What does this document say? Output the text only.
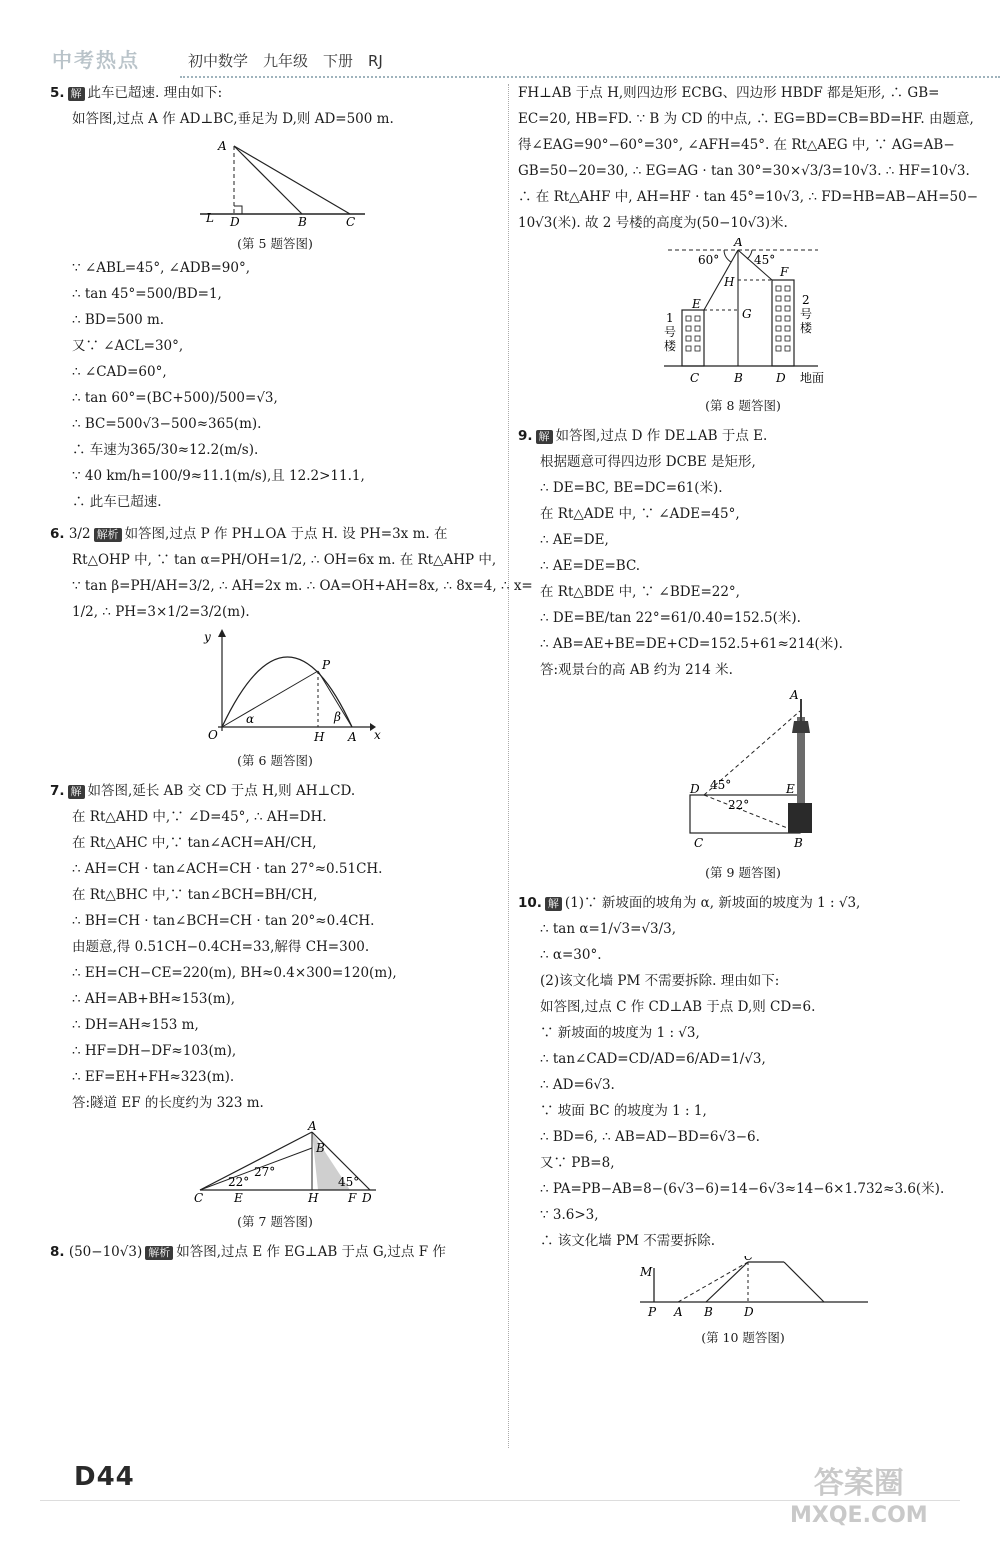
中考热点	初中数学　九年级　下册　RJ
5. 解 此车已超速. 理由如下:
如答图,过点 A 作 AD⊥BC,垂足为 D,则 AD=500 m.
A
L D	B	C
(第 5 题答图)
∵ ∠ABL=45°, ∠ADB=90°,
∴ tan 45°=500/BD=1,
∴ BD=500 m.
又∵ ∠ACL=30°,
∴ ∠CAD=60°,
∴ tan 60°=(BC+500)/500=√3,
∴ BC=500√3−500≈365(m).
∴ 车速为365/30≈12.2(m/s).
∵ 40 km/h=100/9≈11.1(m/s),且 12.2>11.1,
∴ 此车已超速.
6. 3/2 解析 如答图,过点 P 作 PH⊥OA 于点 H. 设 PH=3x m. 在
Rt△OHP 中, ∵ tan α=PH/OH=1/2, ∴ OH=6x m. 在 Rt△AHP 中,
∵ tan β=PH/AH=3/2, ∴ AH=2x m. ∴ OA=OH+AH=8x, ∴ 8x=4, ∴ x=
1/2, ∴ PH=3×1/2=3/2(m).
y
x
O	H A
P
α	β
(第 6 题答图)
7. 解 如答图,延长 AB 交 CD 于点 H,则 AH⊥CD.
在 Rt△AHD 中,∵ ∠D=45°, ∴ AH=DH.
在 Rt△AHC 中,∵ tan∠ACH=AH/CH,
∴ AH=CH · tan∠ACH=CH · tan 27°≈0.51CH.
在 Rt△BHC 中,∵ tan∠BCH=BH/CH,
∴ BH=CH · tan∠BCH=CH · tan 20°≈0.4CH.
由题意,得 0.51CH−0.4CH=33,解得 CH=300.
∴ EH=CH−CE=220(m), BH≈0.4×300=120(m),
∴ AH=AB+BH≈153(m),
∴ DH=AH≈153 m,
∴ HF=DH−DF≈103(m),
∴ EF=EH+FH≈323(m).
答:隧道 EF 的长度约为 323 m.
A
B
C	E	H F D
22°
27°
45°
(第 7 题答图)
8. (50−10√3) 解析 如答图,过点 E 作 EG⊥AB 于点 G,过点 F 作
FH⊥AB 于点 H,则四边形 ECBG、四边形 HBDF 都是矩形, ∴ GB=
EC=20, HB=FD. ∵ B 为 CD 的中点, ∴ EG=BD=CB=BD=HF. 由题意,
得∠EAG=90°−60°=30°, ∠AFH=45°. 在 Rt△AEG 中, ∵ AG=AB−
GB=50−20=30, ∴ EG=AG · tan 30°=30×√3/3=10√3. ∴ HF=10√3.
∴ 在 Rt△AHF 中, AH=HF · tan 45°=10√3, ∴ FD=HB=AB−AH=50−
10√3(米). 故 2 号楼的高度为(50−10√3)米.
A
60°	45°
H
F
E
G
C	B	D 地面
1
号
楼
2
号
楼
(第 8 题答图)
9. 解 如答图,过点 D 作 DE⊥AB 于点 E.
根据题意可得四边形 DCBE 是矩形,
∴ DE=BC, BE=DC=61(米).
在 Rt△ADE 中, ∵ ∠ADE=45°,
∴ AE=DE,
∴ AE=DE=BC.
在 Rt△BDE 中, ∵ ∠BDE=22°,
∴ DE=BE/tan 22°=61/0.40=152.5(米).
∴ AB=AE+BE=DE+CD=152.5+61≈214(米).
答:观景台的高 AB 约为 214 米.
A
D	E
C	B
45°
22°
(第 9 题答图)
10. 解 (1)∵ 新坡面的坡角为 α, 新坡面的坡度为 1 : √3,
∴ tan α=1/√3=√3/3,
∴ α=30°.
(2)该文化墙 PM 不需要拆除. 理由如下:
如答图,过点 C 作 CD⊥AB 于点 D,则 CD=6.
∵ 新坡面的坡度为 1 : √3,
∴ tan∠CAD=CD/AD=6/AD=1/√3,
∴ AD=6√3.
∵ 坡面 BC 的坡度为 1 : 1,
∴ BD=6, ∴ AB=AD−BD=6√3−6.
又∵ PB=8,
∴ PA=PB−AB=8−(6√3−6)=14−6√3≈14−6×1.732≈3.6(米).
∵ 3.6>3,
∴ 该文化墙 PM 不需要拆除.
M
P A B	D
C
(第 10 题答图)
D44	答案圈
MXQE.COM
